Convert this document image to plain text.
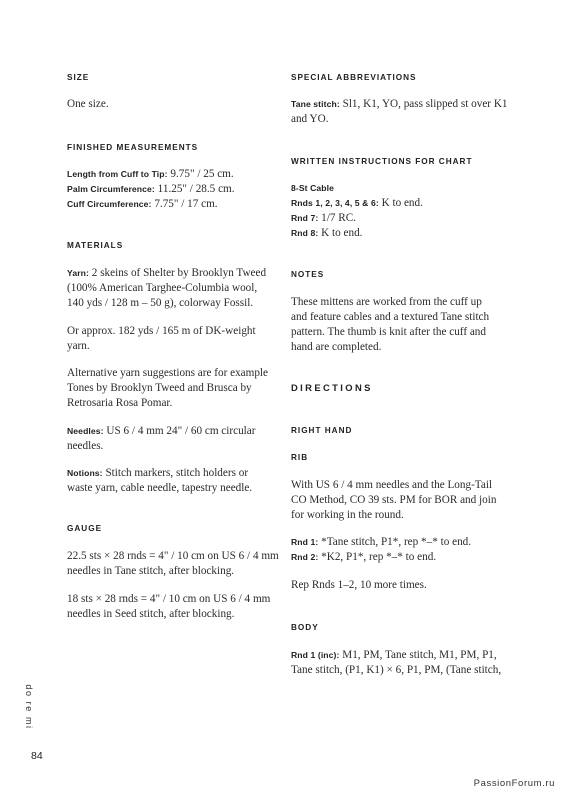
SIZE
One size.
FINISHED MEASUREMENTS
Length from Cuff to Tip: 9.75" / 25 cm.
Palm Circumference: 11.25" / 28.5 cm.
Cuff Circumference: 7.75" / 17 cm.
MATERIALS
Yarn: 2 skeins of Shelter by Brooklyn Tweed
(100% American Targhee-Columbia wool,
140 yds / 128 m – 50 g), colorway Fossil.
Or approx. 182 yds / 165 m of DK-weight
yarn.
Alternative yarn suggestions are for example
Tones by Brooklyn Tweed and Brusca by
Retrosaria Rosa Pomar.
Needles: US 6 / 4 mm 24" / 60 cm circular
needles.
Notions: Stitch markers, stitch holders or
waste yarn, cable needle, tapestry needle.
GAUGE
22.5 sts × 28 rnds = 4" / 10 cm on US 6 / 4 mm
needles in Tane stitch, after blocking.
18 sts × 28 rnds = 4" / 10 cm on US 6 / 4 mm
needles in Seed stitch, after blocking.
SPECIAL ABBREVIATIONS
Tane stitch: Sl1, K1, YO, pass slipped st over K1
and YO.
WRITTEN INSTRUCTIONS FOR CHART
8-St Cable
Rnds 1, 2, 3, 4, 5 & 6: K to end.
Rnd 7: 1/7 RC.
Rnd 8: K to end.
NOTES
These mittens are worked from the cuff up
and feature cables and a textured Tane stitch
pattern. The thumb is knit after the cuff and
hand are completed.
DIRECTIONS
RIGHT HAND
RIB
With US 6 / 4 mm needles and the Long-Tail
CO Method, CO 39 sts. PM for BOR and join
for working in the round.
Rnd 1: *Tane stitch, P1*, rep *–* to end.
Rnd 2: *K2, P1*, rep *–* to end.
Rep Rnds 1–2, 10 more times.
BODY
Rnd 1 (inc): M1, PM, Tane stitch, M1, PM, P1,
Tane stitch, (P1, K1) × 6, P1, PM, (Tane stitch,
do re mi
84
PassionForum.ru
